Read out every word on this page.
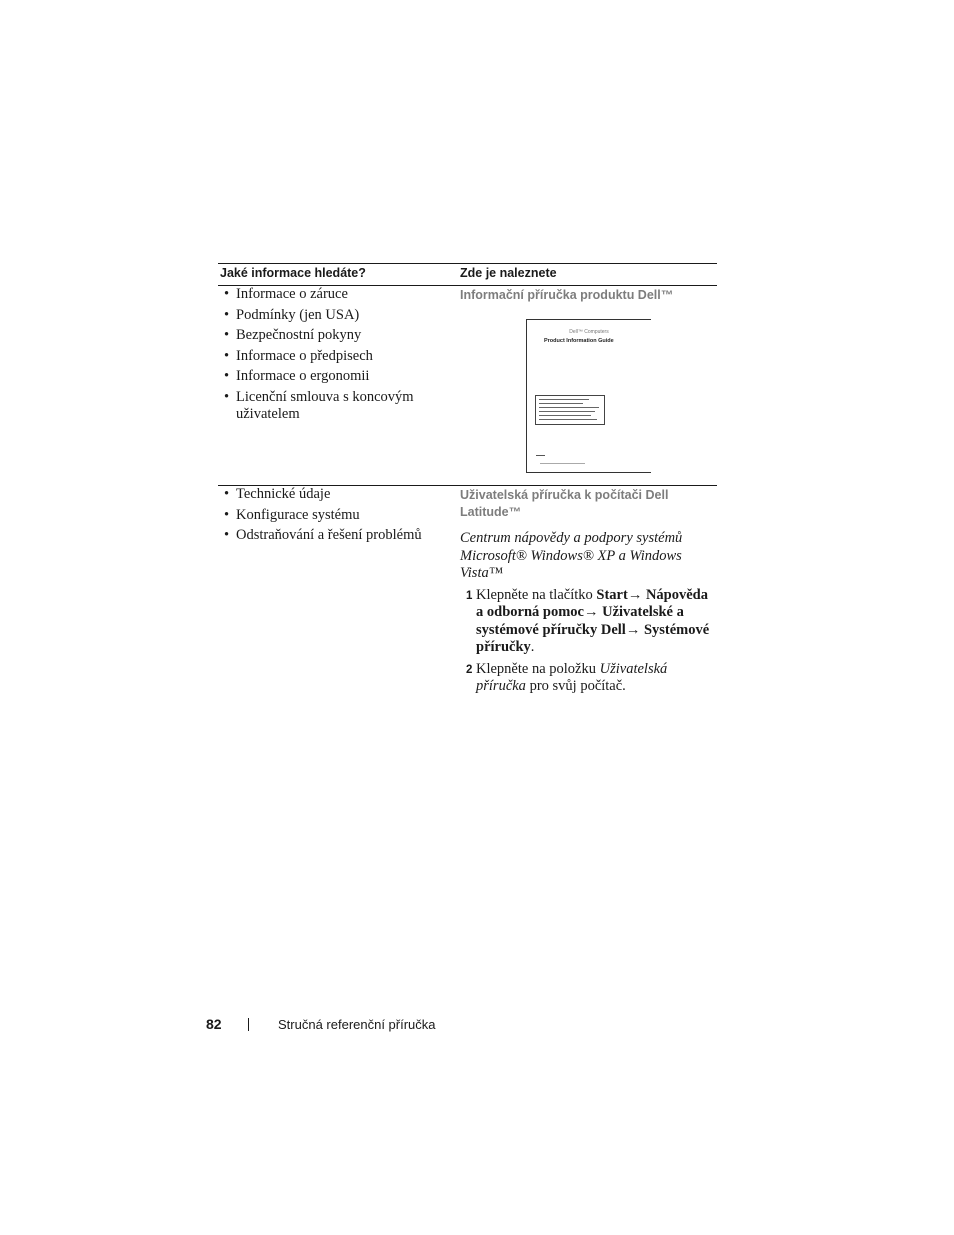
Jaké informace hledáte?	Zde je naleznete
• Informace o záruce
• Podmínky (jen USA)
• Bezpečnostní pokyny
• Informace o předpisech
• Informace o ergonomii
• Licenční smlouva s koncovým uživatelem
Informační příručka produktu Dell™
Dell™ Computers
Product Information Guide
• Technické údaje
• Konfigurace systému
• Odstraňování a řešení problémů
Uživatelská příručka k počítači Dell Latitude™
Centrum nápovědy a podpory systémů Microsoft® Windows® XP a Windows Vista™
1 Klepněte na tlačítko Start→ Nápověda a odborná pomoc→ Uživatelské a systémové příručky Dell→ Systémové příručky.
2 Klepněte na položku Uživatelská příručka pro svůj počítač.
82	Stručná referenční příručka
